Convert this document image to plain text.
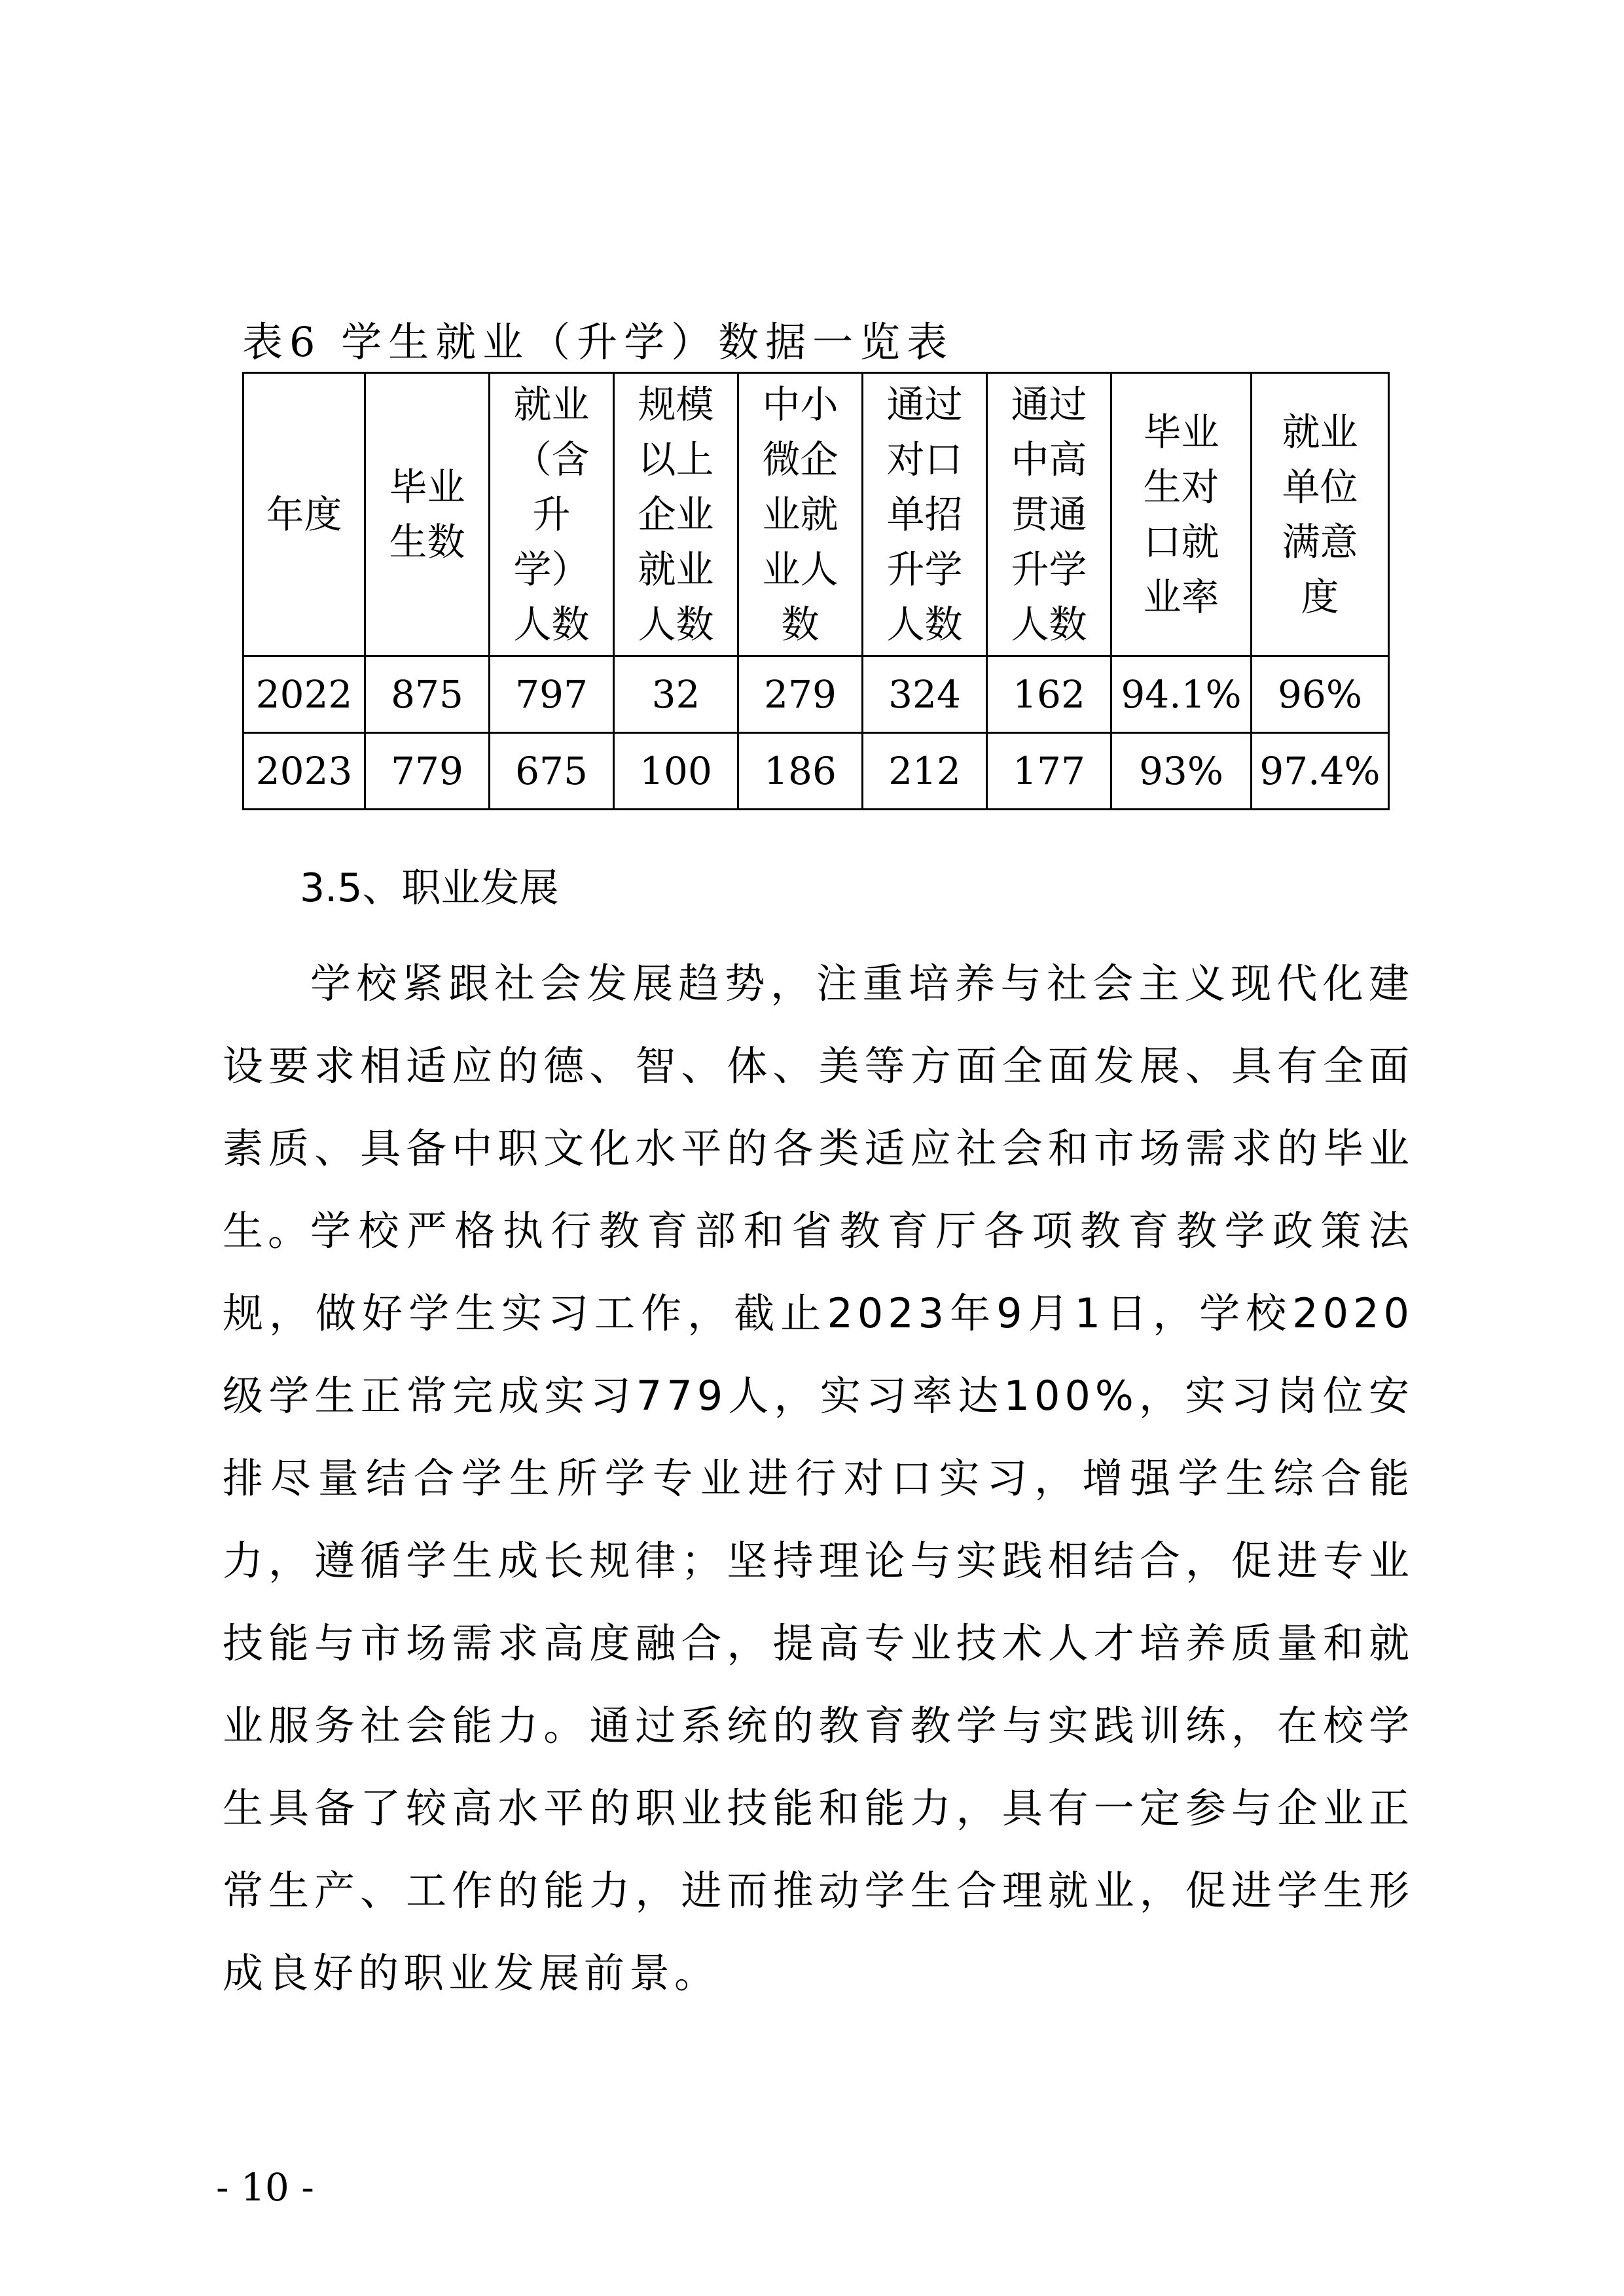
表6 学生就业（升学）数据一览表
年度	毕业生数	就业（含升学）人数	规模以上企业就业人数	中小微企业就业人数	通过对口单招升学人数	通过中高贯通升学人数	毕业生对口就业率	就业单位满意度

2022	875	797	32	279	324	162	94.1%	96%
2023	779	675	100	186	212	177	93%	97.4%
3.5、职业发展

学校紧跟社会发展趋势，注重培养与社会主义现代化建设要求相适应的德、智、体、美等方面全面发展、具有全面素质、具备中职文化水平的各类适应社会和市场需求的毕业生。

学校严格执行教育部和省教育厅各项教育教学政策法规，做好学生实习工作，截止2023年9月1日，学校2020级学生正常完成实习779人，实习率达100%，实习岗位安排尽量结合学生所学专业进行对口实习，增强学生综合能力，遵循学生成长规律；坚持理论与实践相结合，促进专业技能与市场需求高度融合，提高专业技术人才培养质量和就业服务社会能力。通过系统的教育教学与实践训练，在校学生具备了较高水平的职业技能和能力，具有一定参与企业正常生产、工作的能力，进而推动学生合理就业，促进学生形成良好的职业发展前景。

- 10 -
